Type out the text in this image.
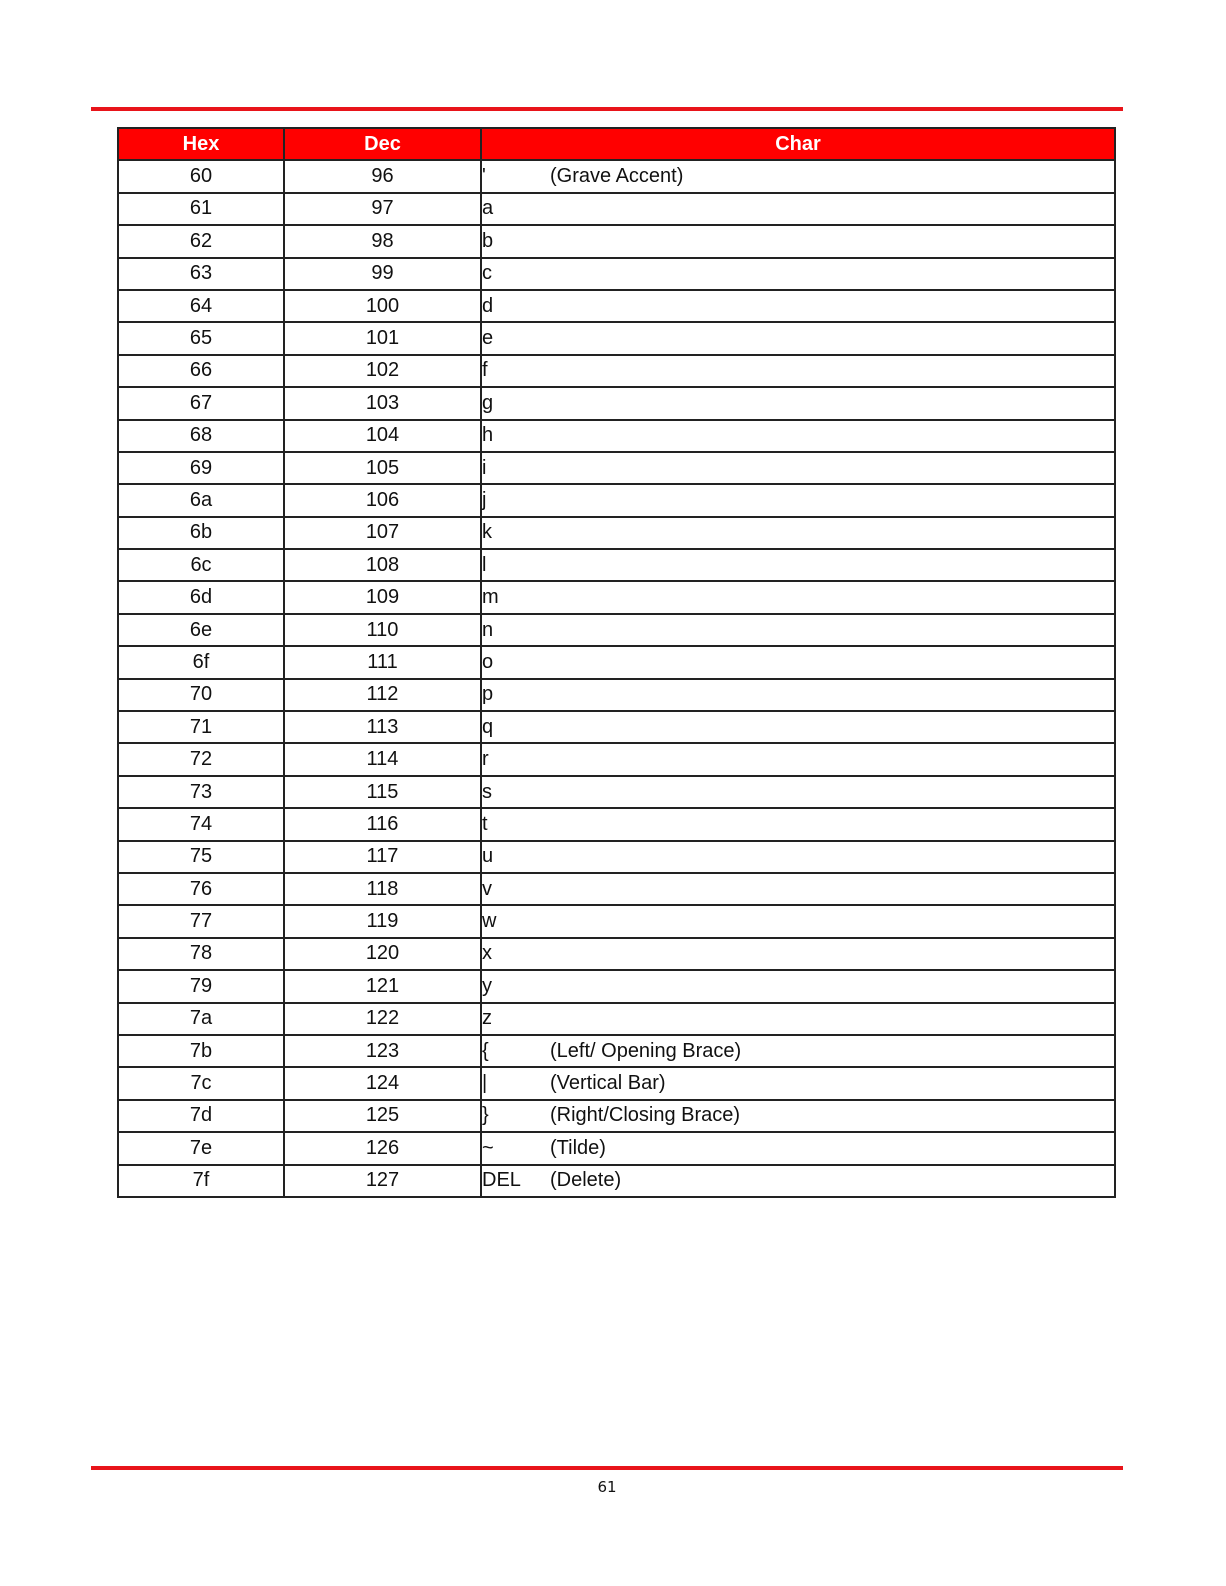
Hex	Dec	Char
60	96	' (Grave Accent)
61	97	a
62	98	b
63	99	c
64	100	d
65	101	e
66	102	f
67	103	g
68	104	h
69	105	i
6a	106	j
6b	107	k
6c	108	l
6d	109	m
6e	110	n
6f	111	o
70	112	p
71	113	q
72	114	r
73	115	s
74	116	t
75	117	u
76	118	v
77	119	w
78	120	x
79	121	y
7a	122	z
7b	123	{ (Left/ Opening Brace)
7c	124	| (Vertical Bar)
7d	125	} (Right/Closing Brace)
7e	126	~ (Tilde)
7f	127	DEL (Delete)
61
